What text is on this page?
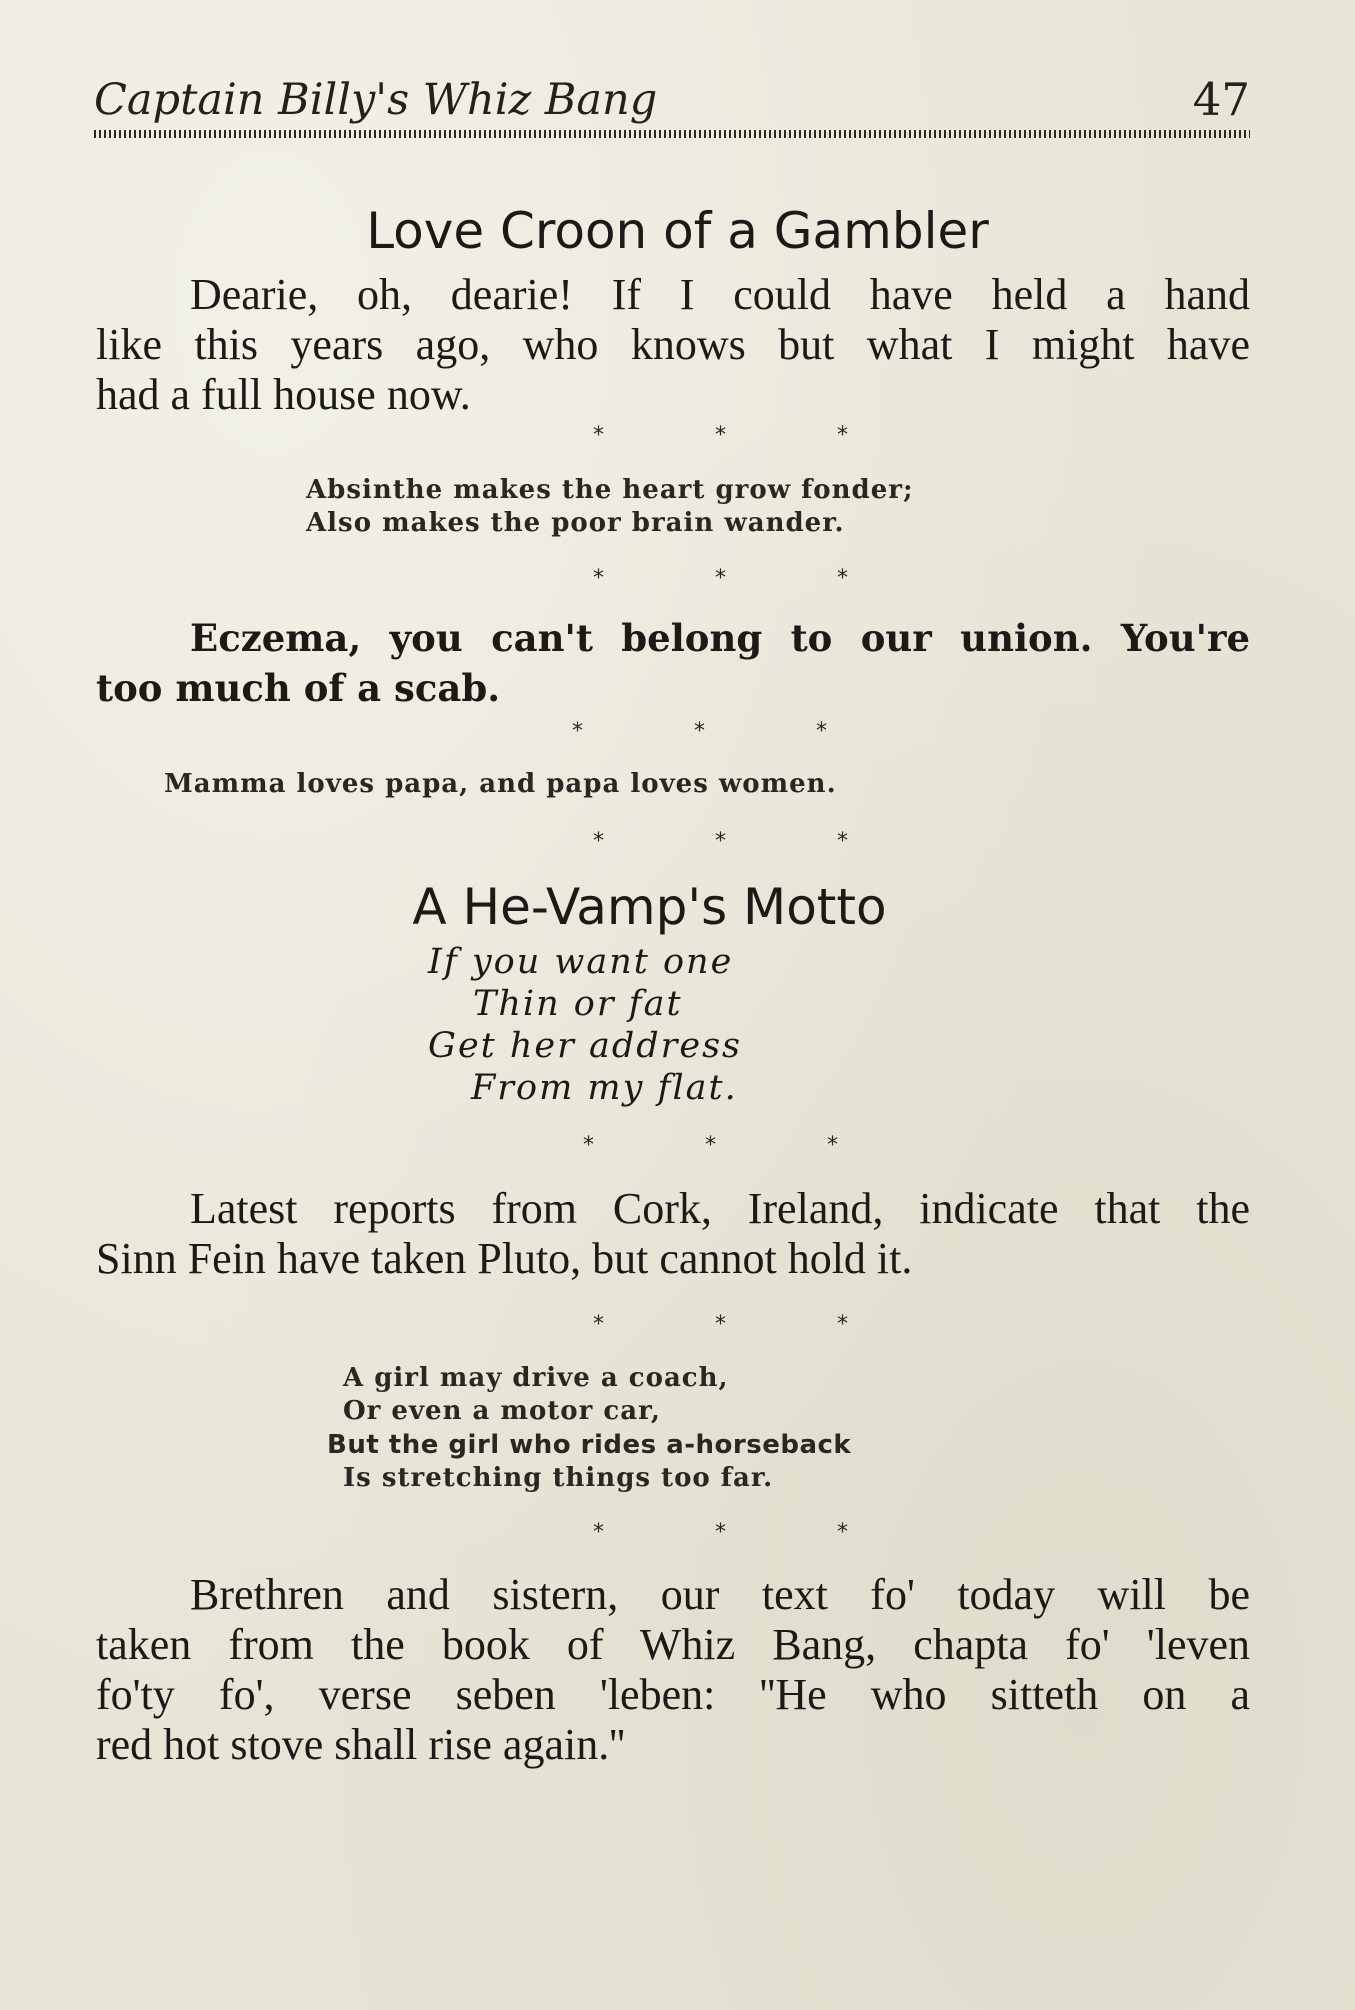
Captain Billy's Whiz Bang	47
Love Croon of a Gambler
Dearie, oh, dearie! If I could have held a hand
like this years ago, who knows but what I might have
had a full house now.
* * *
Absinthe makes the heart grow fonder;
Also makes the poor brain wander.
* * *
Eczema, you can't belong to our union. You're
too much of a scab.
* * *
Mamma loves papa, and papa loves women.
* * *
A He-Vamp's Motto
If you want one
Thin or fat
Get her address
From my flat.
* * *
Latest reports from Cork, Ireland, indicate that the
Sinn Fein have taken Pluto, but cannot hold it.
* * *
A girl may drive a coach,
Or even a motor car,
But the girl who rides a-horseback
Is stretching things too far.
* * *
Brethren and sistern, our text fo' today will be
taken from the book of Whiz Bang, chapta fo' 'leven
fo'ty fo', verse seben 'leben: ''He who sitteth on a
red hot stove shall rise again.''
